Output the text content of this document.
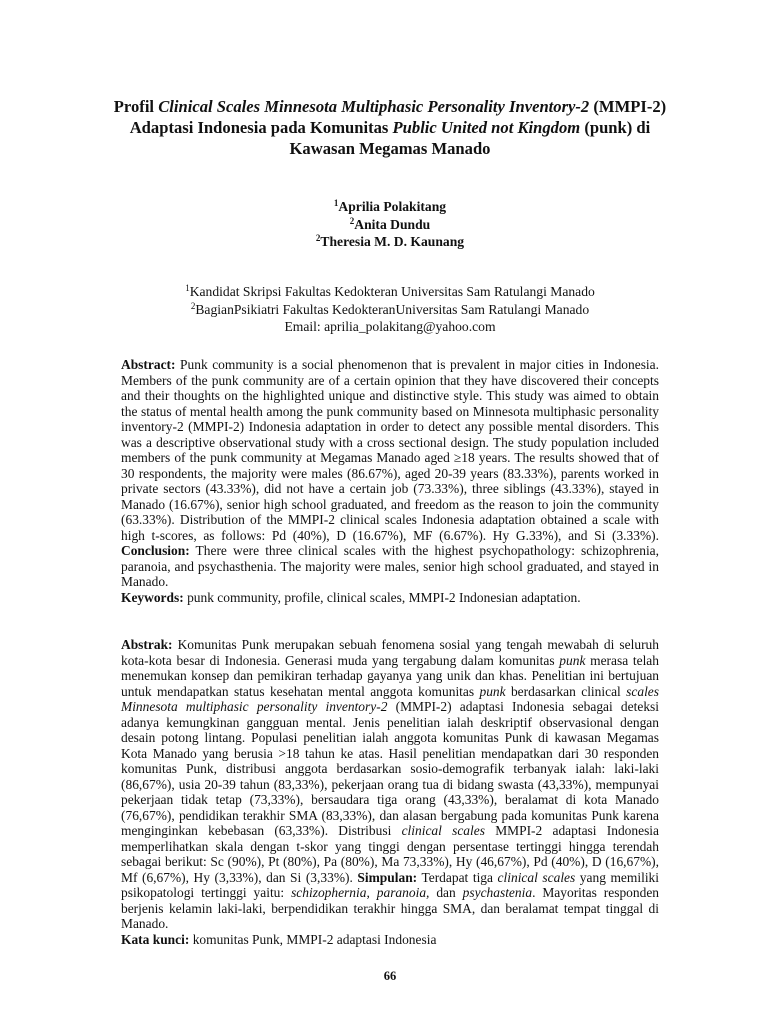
Profil Clinical Scales Minnesota Multiphasic Personality Inventory-2 (MMPI-2) Adaptasi Indonesia pada Komunitas Public United not Kingdom (punk) di Kawasan Megamas Manado
$^1$Aprilia Polakitang
$^2$Anita Dundu
$^2$Theresia M. D. Kaunang
$^1$Kandidat Skripsi Fakultas Kedokteran Universitas Sam Ratulangi Manado
$^2$BagianPsikiatri Fakultas KedokteranUniversitas Sam Ratulangi Manado
Email: aprilia_polakitang@yahoo.com
Abstract: Punk community is a social phenomenon that is prevalent in major cities in Indonesia. Members of the punk community are of a certain opinion that they have discovered their concepts and their thoughts on the highlighted unique and distinctive style. This study was aimed to obtain the status of mental health among the punk community based on Minnesota multiphasic personality inventory-2 (MMPI-2) Indonesia adaptation in order to detect any possible mental disorders. This was a descriptive observational study with a cross sectional design. The study population included members of the punk community at Megamas Manado aged ≥18 years. The results showed that of 30 respondents, the majority were males (86.67%), aged 20-39 years (83.33%), parents worked in private sectors (43.33%), did not have a certain job (73.33%), three siblings (43.33%), stayed in Manado (16.67%), senior high school graduated, and freedom as the reason to join the community (63.33%). Distribution of the MMPI-2 clinical scales Indonesia adaptation obtained a scale with high t-scores, as follows: Pd (40%), D (16.67%), MF (6.67%). Hy G.33%), and Si (3.33%). Conclusion: There were three clinical scales with the highest psychopathology: schizophrenia, paranoia, and psychasthenia. The majority were males, senior high school graduated, and stayed in Manado.
Keywords: punk community, profile, clinical scales, MMPI-2 Indonesian adaptation.
Abstrak: Komunitas Punk merupakan sebuah fenomena sosial yang tengah mewabah di seluruh kota-kota besar di Indonesia. Generasi muda yang tergabung dalam komunitas punk merasa telah menemukan konsep dan pemikiran terhadap gayanya yang unik dan khas. Penelitian ini bertujuan untuk mendapatkan status kesehatan mental anggota komunitas punk berdasarkan clinical scales Minnesota multiphasic personality inventory-2 (MMPI-2) adaptasi Indonesia sebagai deteksi adanya kemungkinan gangguan mental. Jenis penelitian ialah deskriptif observasional dengan desain potong lintang. Populasi penelitian ialah anggota komunitas Punk di kawasan Megamas Kota Manado yang berusia >18 tahun ke atas. Hasil penelitian mendapatkan dari 30 responden komunitas Punk, distribusi anggota berdasarkan sosio-demografik terbanyak ialah: laki-laki (86,67%), usia 20-39 tahun (83,33%), pekerjaan orang tua di bidang swasta (43,33%), mempunyai pekerjaan tidak tetap (73,33%), bersaudara tiga orang (43,33%), beralamat di kota Manado (76,67%), pendidikan terakhir SMA (83,33%), dan alasan bergabung pada komunitas Punk karena menginginkan kebebasan (63,33%). Distribusi clinical scales MMPI-2 adaptasi Indonesia memperlihatkan skala dengan t-skor yang tinggi dengan persentase tertinggi hingga terendah sebagai berikut: Sc (90%), Pt (80%), Pa (80%), Ma 73,33%), Hy (46,67%), Pd (40%), D (16,67%), Mf (6,67%), Hy (3,33%), dan Si (3,33%). Simpulan: Terdapat tiga clinical scales yang memiliki psikopatologi tertinggi yaitu: schizophernia, paranoia, dan psychastenia. Mayoritas responden berjenis kelamin laki-laki, berpendidikan terakhir hingga SMA, dan beralamat tempat tinggal di Manado.
Kata kunci: komunitas Punk, MMPI-2 adaptasi Indonesia
66
